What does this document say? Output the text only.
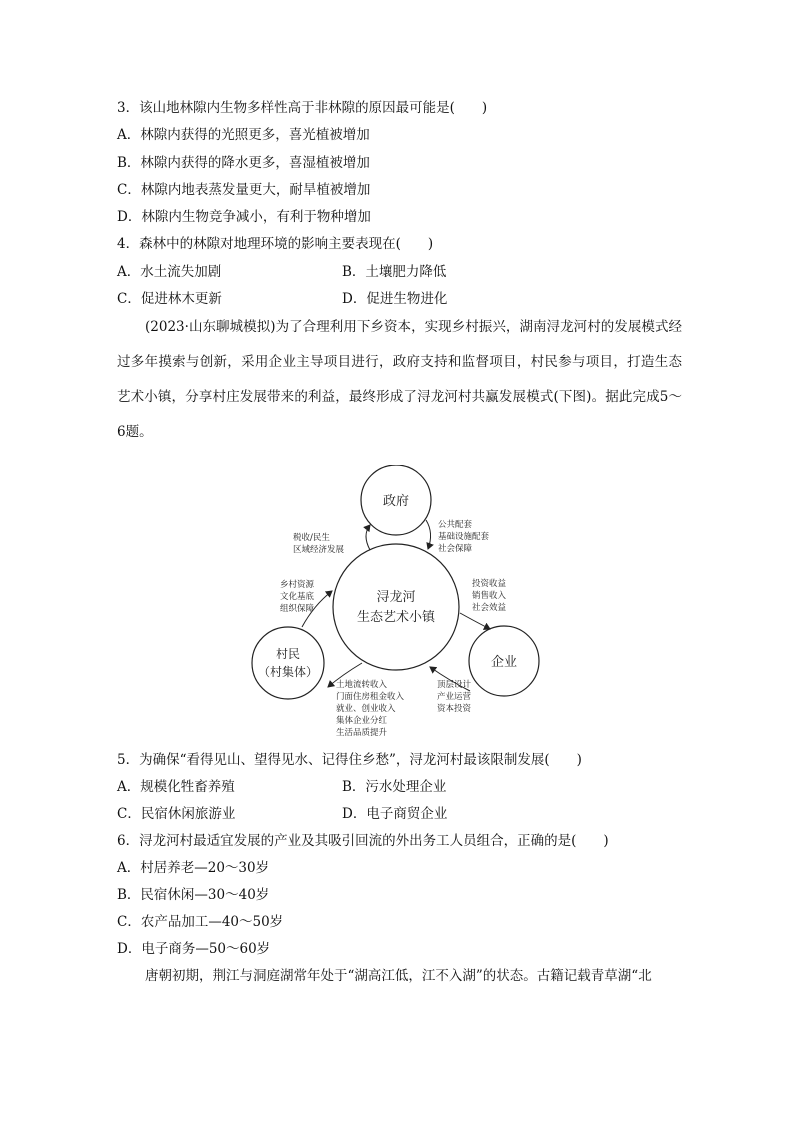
3．该山地林隙内生物多样性高于非林隙的原因最可能是(　　)
A．林隙内获得的光照更多，喜光植被增加
B．林隙内获得的降水更多，喜湿植被增加
C．林隙内地表蒸发量更大，耐旱植被增加
D．林隙内生物竞争减小，有利于物种增加
4．森林中的林隙对地理环境的影响主要表现在(　　)
A．水土流失加剧	B．土壤肥力降低
C．促进林木更新	D．促进生物进化
(2023·山东聊城模拟)为了合理利用下乡资本，实现乡村振兴，湖南浔龙河村的发展模式经过多年摸索与创新，采用企业主导项目进行，政府支持和监督项目，村民参与项目，打造生态艺术小镇，分享村庄发展带来的利益，最终形成了浔龙河村共赢发展模式(下图)。据此完成5～6题。
政府
浔龙河
生态艺术小镇
村民
（村集体）
企业
税收/民生 区域经济发展
公共配套 基础设施配套 社会保障
乡村资源 文化基底 组织保障
投资收益 销售收入 社会效益
顶层设计 产业运营 资本投资
土地流转收入 门面住房租金收入 就业、创业收入 集体企业分红 生活品质提升
5．为确保“看得见山、望得见水、记得住乡愁”，浔龙河村最该限制发展(　　)
A．规模化牲畜养殖	B．污水处理企业
C．民宿休闲旅游业	D．电子商贸企业
6．浔龙河村最适宜发展的产业及其吸引回流的外出务工人员组合，正确的是(　　)
A．村居养老—20～30岁
B．民宿休闲—30～40岁
C．农产品加工—40～50岁
D．电子商务—50～60岁
唐朝初期，荆江与洞庭湖常年处于“湖高江低，江不入湖”的状态。古籍记载青草湖“北
